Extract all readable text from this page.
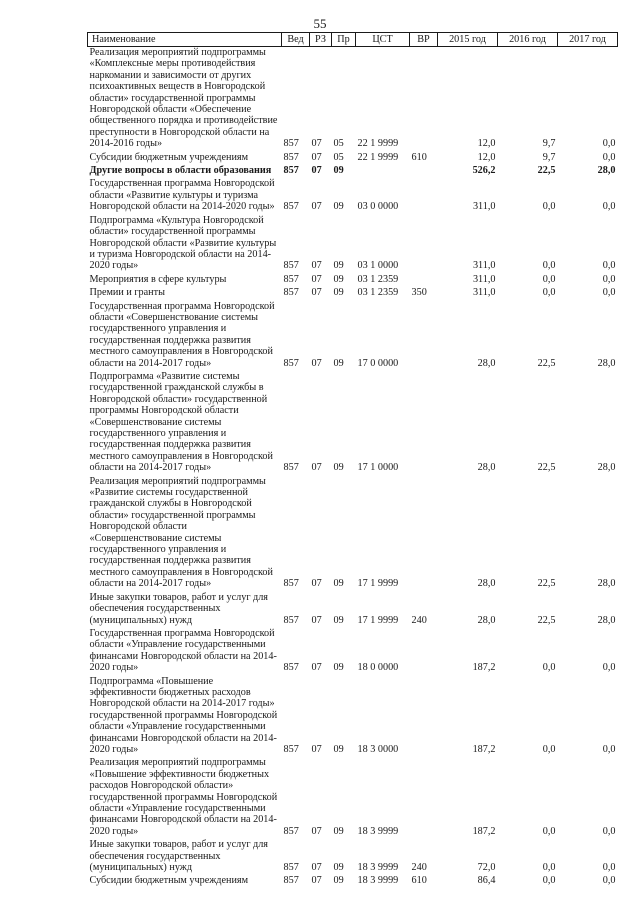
55
Наименование	Вед	РЗ	Пр	ЦСТ	ВР	2015 год	2016 год	2017 год
Реализация мероприятий подпрограммы «Комплексные меры противодействия наркомании и зависимости от других психоактивных веществ в Новгородской области» государственной программы Новгородской области «Обеспечение общественного порядка и противодействие преступности в Новгородской области на 2014-2016 годы»	857	07	05	22 1 9999		12,0	9,7	0,0
Субсидии бюджетным учреждениям	857	07	05	22 1 9999	610	12,0	9,7	0,0
Другие вопросы в области образования	857	07	09			526,2	22,5	28,0
Государственная программа Новгородской области «Развитие культуры и туризма Новгородской области на 2014-2020 годы»	857	07	09	03 0 0000		311,0	0,0	0,0
Подпрограмма «Культура Новгородской области» государственной программы Новгородской области «Развитие культуры и туризма Новгородской области на 2014-2020 годы»	857	07	09	03 1 0000		311,0	0,0	0,0
Мероприятия в сфере культуры	857	07	09	03 1 2359		311,0	0,0	0,0
Премии и гранты	857	07	09	03 1 2359	350	311,0	0,0	0,0
Государственная программа Новгородской области «Совершенствование системы государственного управления и государственная поддержка развития местного самоуправления в Новгородской области на 2014-2017 годы»	857	07	09	17 0 0000		28,0	22,5	28,0
Подпрограмма «Развитие системы государственной гражданской службы в Новгородской области» государственной программы Новгородской области «Совершенствование системы государственного управления и государственная поддержка развития местного самоуправления в Новгородской области на 2014-2017 годы»	857	07	09	17 1 0000		28,0	22,5	28,0
Реализация мероприятий подпрограммы «Развитие системы государственной гражданской службы в Новгородской области» государственной программы Новгородской области «Совершенствование системы государственного управления и государственная поддержка развития местного самоуправления в Новгородской области на 2014-2017 годы»	857	07	09	17 1 9999		28,0	22,5	28,0
Иные закупки товаров, работ и услуг для обеспечения государственных (муниципальных) нужд	857	07	09	17 1 9999	240	28,0	22,5	28,0
Государственная программа Новгородской области «Управление государственными финансами Новгородской области на 2014-2020 годы»	857	07	09	18 0 0000		187,2	0,0	0,0
Подпрограмма «Повышение эффективности бюджетных расходов Новгородской области на 2014-2017 годы» государственной программы Новгородской области «Управление государственными финансами Новгородской области на 2014-2020 годы»	857	07	09	18 3 0000		187,2	0,0	0,0
Реализация мероприятий подпрограммы «Повышение эффективности бюджетных расходов Новгородской области» государственной программы Новгородской области «Управление государственными финансами Новгородской области на 2014-2020 годы»	857	07	09	18 3 9999		187,2	0,0	0,0
Иные закупки товаров, работ и услуг для обеспечения государственных (муниципальных) нужд	857	07	09	18 3 9999	240	72,0	0,0	0,0
Субсидии бюджетным учреждениям	857	07	09	18 3 9999	610	86,4	0,0	0,0
